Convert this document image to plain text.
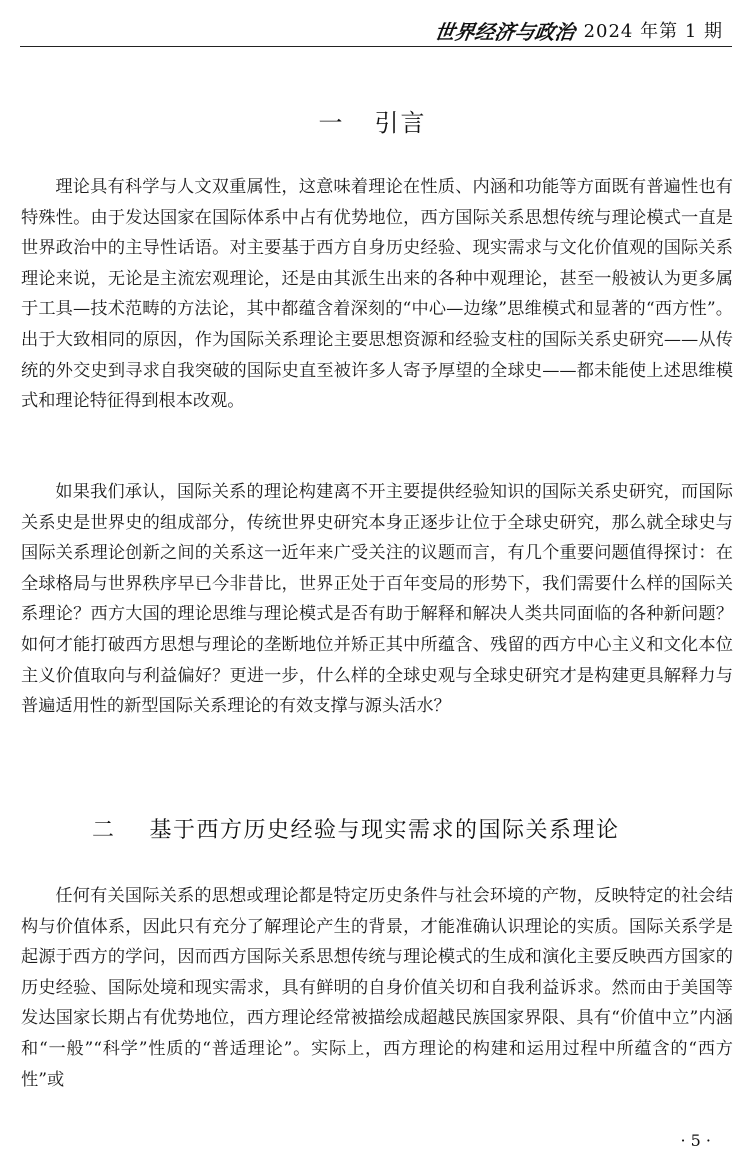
世界经济与政治 2024 年第 1 期
一 引言

理论具有科学与人文双重属性，这意味着理论在性质、内涵和功能等方面既有普遍性也有特殊性。由于发达国家在国际体系中占有优势地位，西方国际关系思想传统与理论模式一直是世界政治中的主导性话语。对主要基于西方自身历史经验、现实需求与文化价值观的国际关系理论来说，无论是主流宏观理论，还是由其派生出来的各种中观理论，甚至一般被认为更多属于工具—技术范畴的方法论，其中都蕴含着深刻的“中心—边缘”思维模式和显著的“西方性”。出于大致相同的原因，作为国际关系理论主要思想资源和经验支柱的国际关系史研究——从传统的外交史到寻求自我突破的国际史直至被许多人寄予厚望的全球史——都未能使上述思维模式和理论特征得到根本改观。

如果我们承认，国际关系的理论构建离不开主要提供经验知识的国际关系史研究，而国际关系史是世界史的组成部分，传统世界史研究本身正逐步让位于全球史研究，那么就全球史与国际关系理论创新之间的关系这一近年来广受关注的议题而言，有几个重要问题值得探讨：在全球格局与世界秩序早已今非昔比，世界正处于百年变局的形势下，我们需要什么样的国际关系理论？西方大国的理论思维与理论模式是否有助于解释和解决人类共同面临的各种新问题？如何才能打破西方思想与理论的垄断地位并矫正其中所蕴含、残留的西方中心主义和文化本位主义价值取向与利益偏好？更进一步，什么样的全球史观与全球史研究才是构建更具解释力与普遍适用性的新型国际关系理论的有效支撑与源头活水？

二 基于西方历史经验与现实需求的国际关系理论

任何有关国际关系的思想或理论都是特定历史条件与社会环境的产物，反映特定的社会结构与价值体系，因此只有充分了解理论产生的背景，才能准确认识理论的实质。国际关系学是起源于西方的学问，因而西方国际关系思想传统与理论模式的生成和演化主要反映西方国家的历史经验、国际处境和现实需求，具有鲜明的自身价值关切和自我利益诉求。然而由于美国等发达国家长期占有优势地位，西方理论经常被描绘成超越民族国家界限、具有“价值中立”内涵和“一般”“科学”性质的“普适理论”。实际上，西方理论的构建和运用过程中所蕴含的“西方性”或

· 5 ·
